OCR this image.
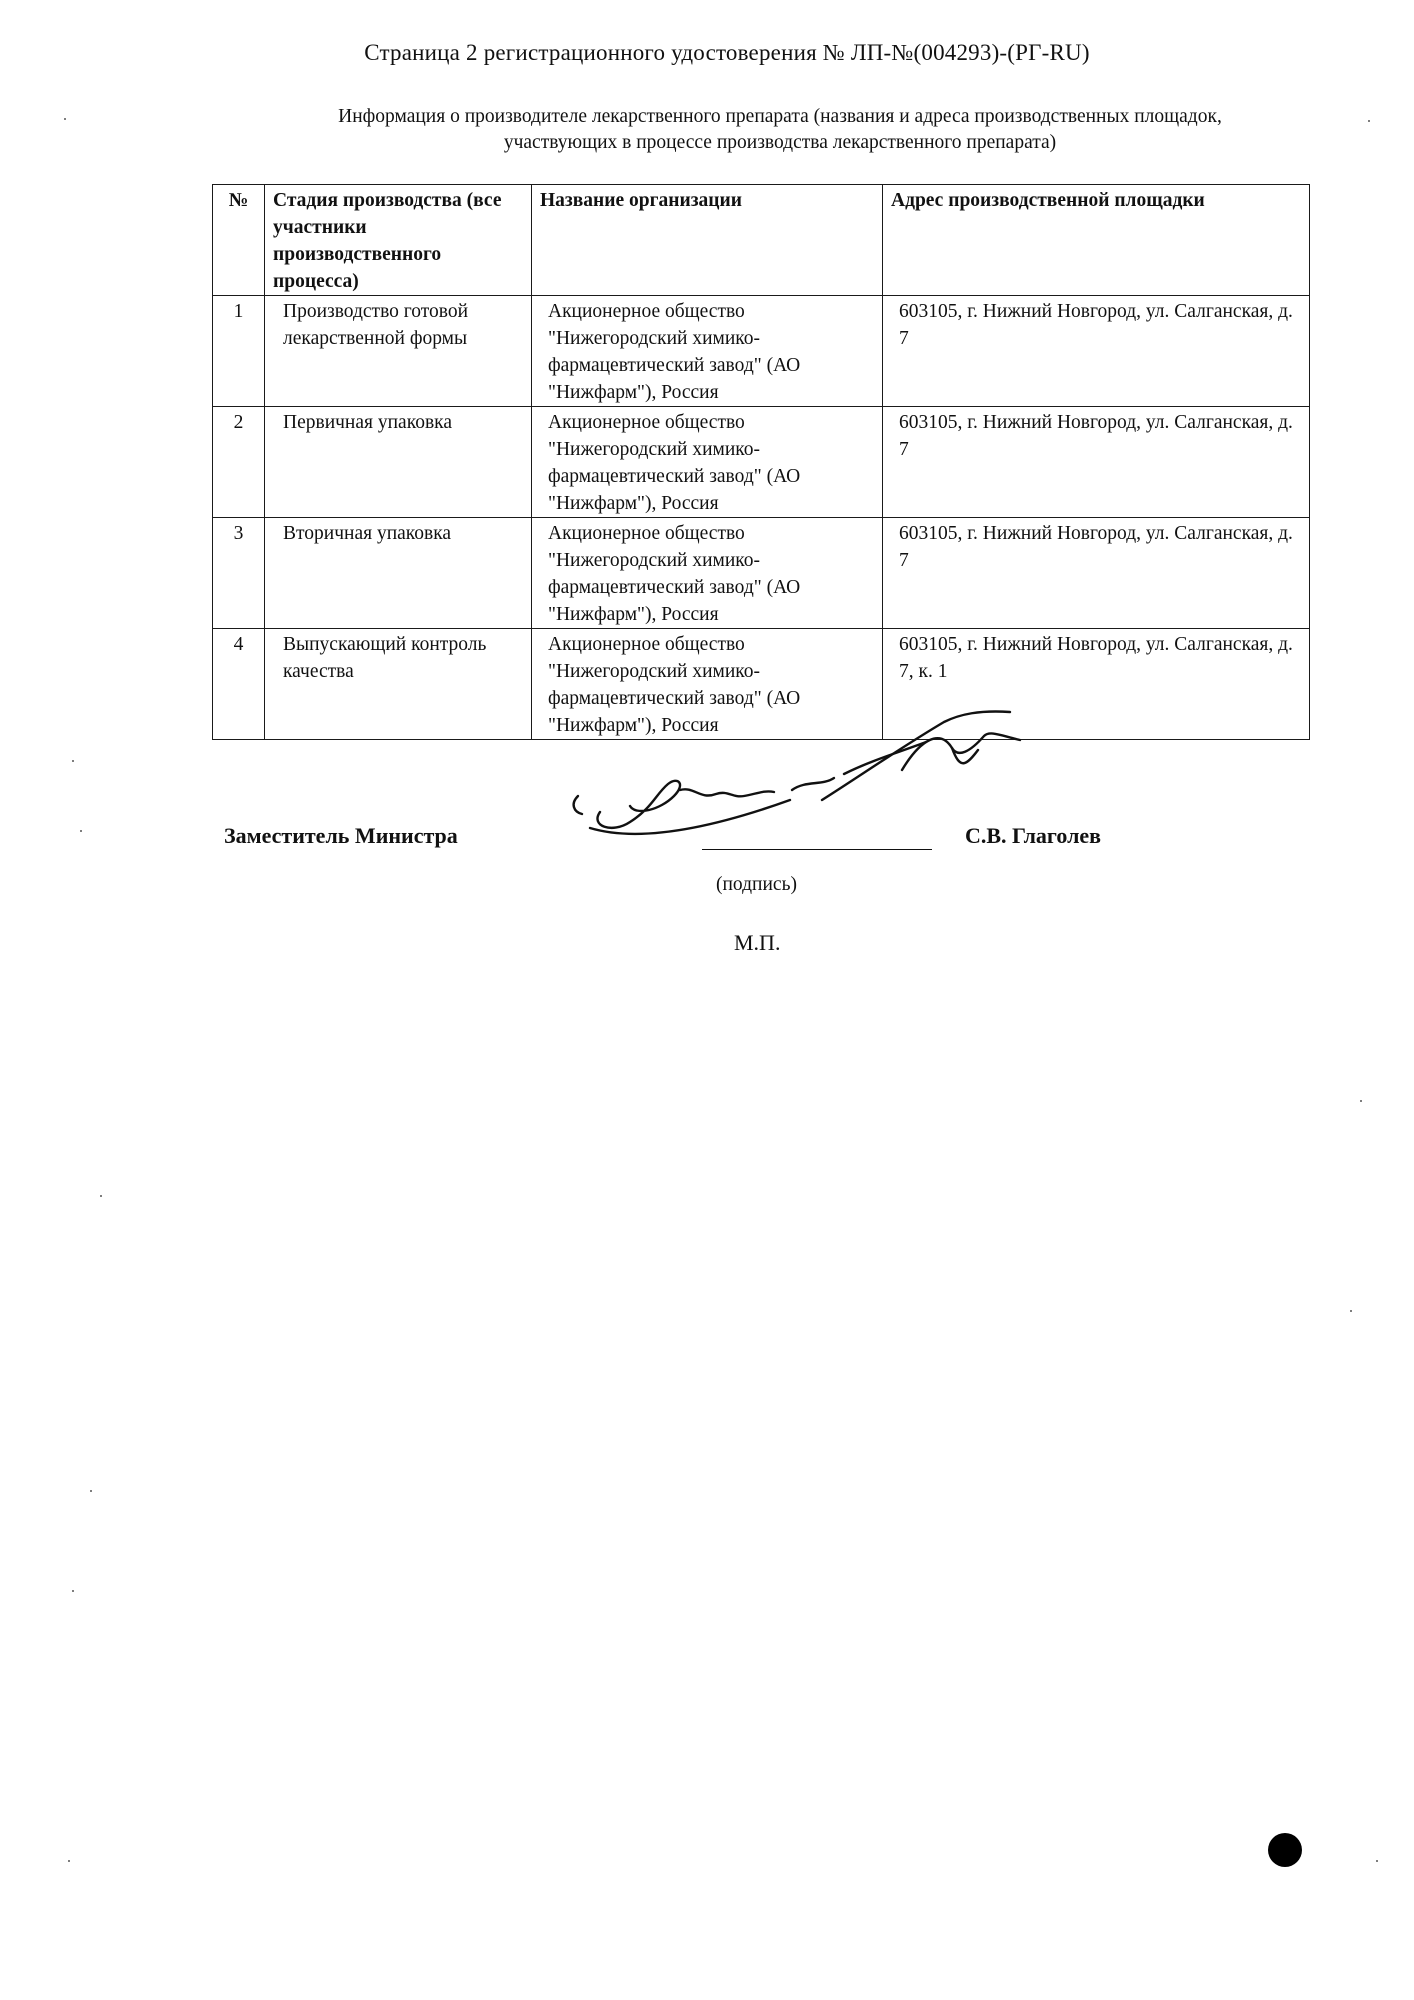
Страница 2 регистрационного удостоверения № ЛП-№(004293)-(РГ-RU)
Информация о производителе лекарственного препарата (названия и адреса производственных площадок,
участвующих в процессе производства лекарственного препарата)
№	Стадия производства (все участники производственного процесса)	Название организации	Адрес производственной площадки
1	Производство готовой лекарственной формы	Акционерное общество "Нижегородский химико-фармацевтический завод" (АО "Нижфарм"), Россия	603105, г. Нижний Новгород, ул. Салганская, д. 7
2	Первичная упаковка	Акционерное общество "Нижегородский химико-фармацевтический завод" (АО "Нижфарм"), Россия	603105, г. Нижний Новгород, ул. Салганская, д. 7
3	Вторичная упаковка	Акционерное общество "Нижегородский химико-фармацевтический завод" (АО "Нижфарм"), Россия	603105, г. Нижний Новгород, ул. Салганская, д. 7
4	Выпускающий контроль качества	Акционерное общество "Нижегородский химико-фармацевтический завод" (АО "Нижфарм"), Россия	603105, г. Нижний Новгород, ул. Салганская, д. 7, к. 1
Заместитель Министра	С.В. Глаголев
(подпись)
М.П.
